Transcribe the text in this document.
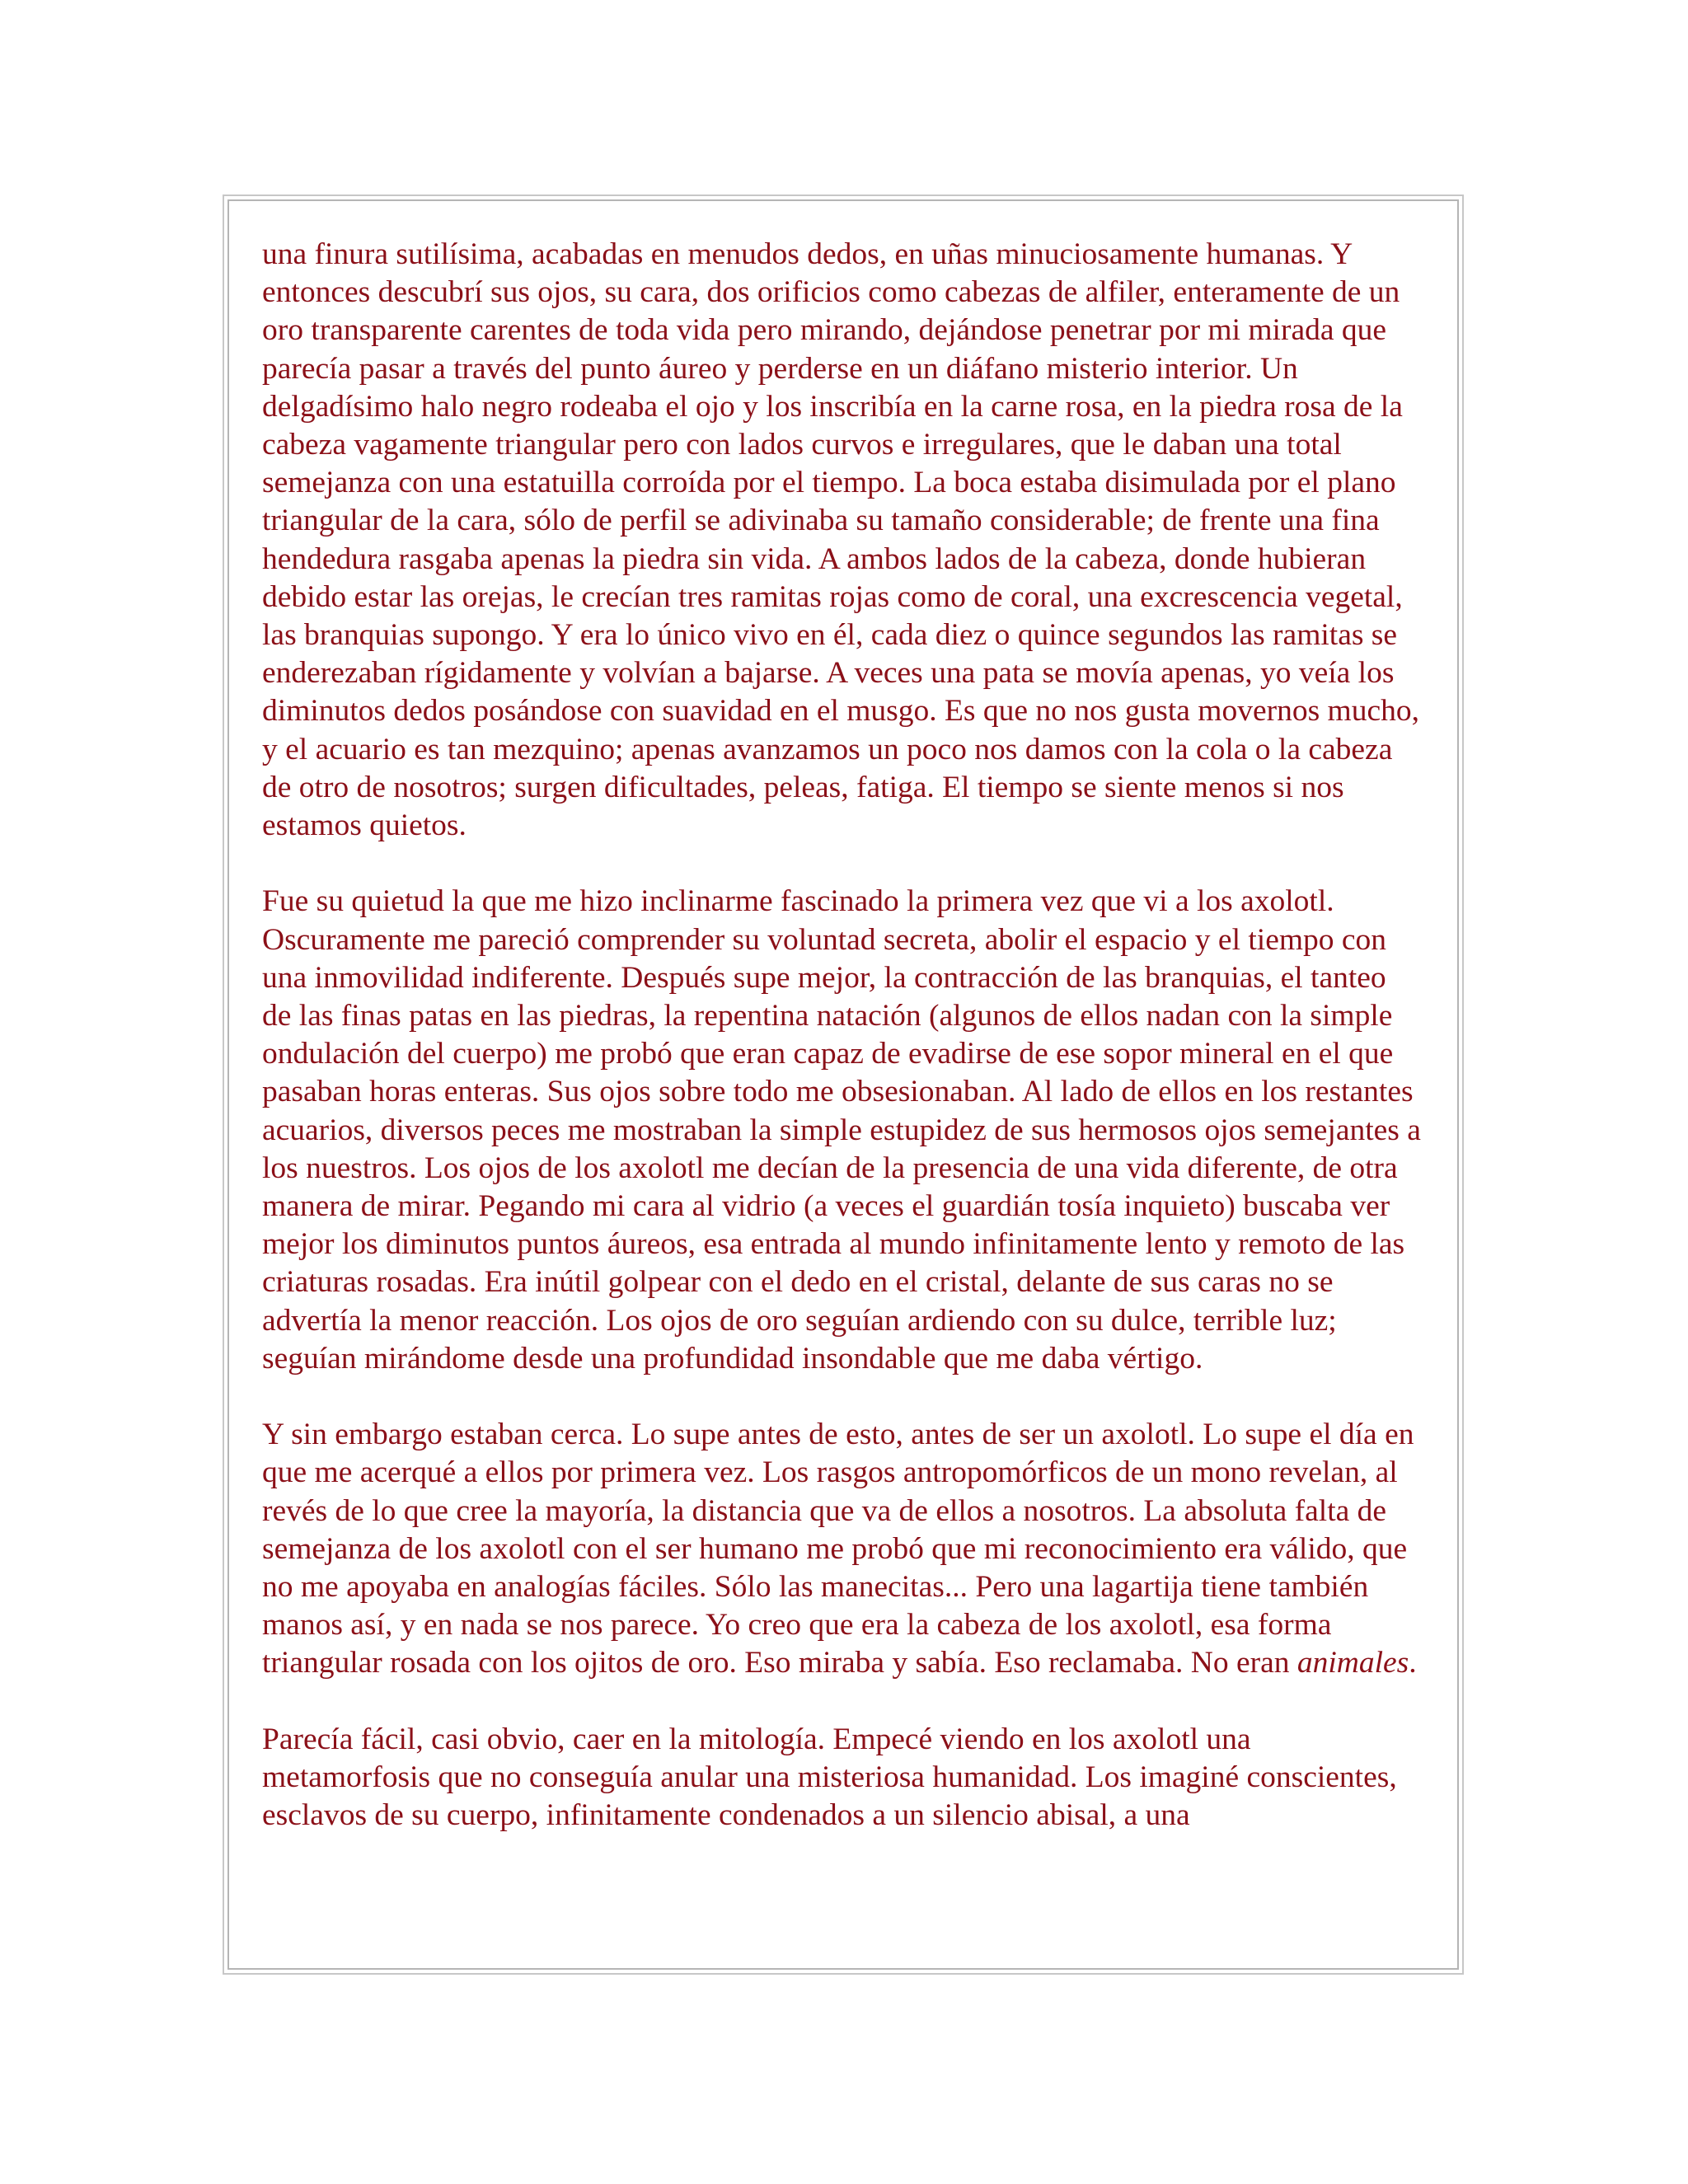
una finura sutilísima, acabadas en menudos dedos, en uñas minuciosamente humanas. Y entonces descubrí sus ojos, su cara, dos orificios como cabezas de alfiler, enteramente de un oro transparente carentes de toda vida pero mirando, dejándose penetrar por mi mirada que parecía pasar a través del punto áureo y perderse en un diáfano misterio interior. Un delgadísimo halo negro rodeaba el ojo y los inscribía en la carne rosa, en la piedra rosa de la cabeza vagamente triangular pero con lados curvos e irregulares, que le daban una total semejanza con una estatuilla corroída por el tiempo. La boca estaba disimulada por el plano triangular de la cara, sólo de perfil se adivinaba su tamaño considerable; de frente una fina hendedura rasgaba apenas la piedra sin vida. A ambos lados de la cabeza, donde hubieran debido estar las orejas, le crecían tres ramitas rojas como de coral, una excrescencia vegetal, las branquias supongo. Y era lo único vivo en él, cada diez o quince segundos las ramitas se enderezaban rígidamente y volvían a bajarse. A veces una pata se movía apenas, yo veía los diminutos dedos posándose con suavidad en el musgo. Es que no nos gusta movernos mucho, y el acuario es tan mezquino; apenas avanzamos un poco nos damos con la cola o la cabeza de otro de nosotros; surgen dificultades, peleas, fatiga. El tiempo se siente menos si nos estamos quietos.

Fue su quietud la que me hizo inclinarme fascinado la primera vez que vi a los axolotl. Oscuramente me pareció comprender su voluntad secreta, abolir el espacio y el tiempo con una inmovilidad indiferente. Después supe mejor, la contracción de las branquias, el tanteo de las finas patas en las piedras, la repentina natación (algunos de ellos nadan con la simple ondulación del cuerpo) me probó que eran capaz de evadirse de ese sopor mineral en el que pasaban horas enteras. Sus ojos sobre todo me obsesionaban. Al lado de ellos en los restantes acuarios, diversos peces me mostraban la simple estupidez de sus hermosos ojos semejantes a los nuestros. Los ojos de los axolotl me decían de la presencia de una vida diferente, de otra manera de mirar. Pegando mi cara al vidrio (a veces el guardián tosía inquieto) buscaba ver mejor los diminutos puntos áureos, esa entrada al mundo infinitamente lento y remoto de las criaturas rosadas. Era inútil golpear con el dedo en el cristal, delante de sus caras no se advertía la menor reacción. Los ojos de oro seguían ardiendo con su dulce, terrible luz; seguían mirándome desde una profundidad insondable que me daba vértigo.

Y sin embargo estaban cerca. Lo supe antes de esto, antes de ser un axolotl. Lo supe el día en que me acerqué a ellos por primera vez. Los rasgos antropomórficos de un mono revelan, al revés de lo que cree la mayoría, la distancia que va de ellos a nosotros. La absoluta falta de semejanza de los axolotl con el ser humano me probó que mi reconocimiento era válido, que no me apoyaba en analogías fáciles. Sólo las manecitas... Pero una lagartija tiene también manos así, y en nada se nos parece. Yo creo que era la cabeza de los axolotl, esa forma triangular rosada con los ojitos de oro. Eso miraba y sabía. Eso reclamaba. No eran animales.

Parecía fácil, casi obvio, caer en la mitología. Empecé viendo en los axolotl una metamorfosis que no conseguía anular una misteriosa humanidad. Los imaginé conscientes, esclavos de su cuerpo, infinitamente condenados a un silencio abisal, a una
